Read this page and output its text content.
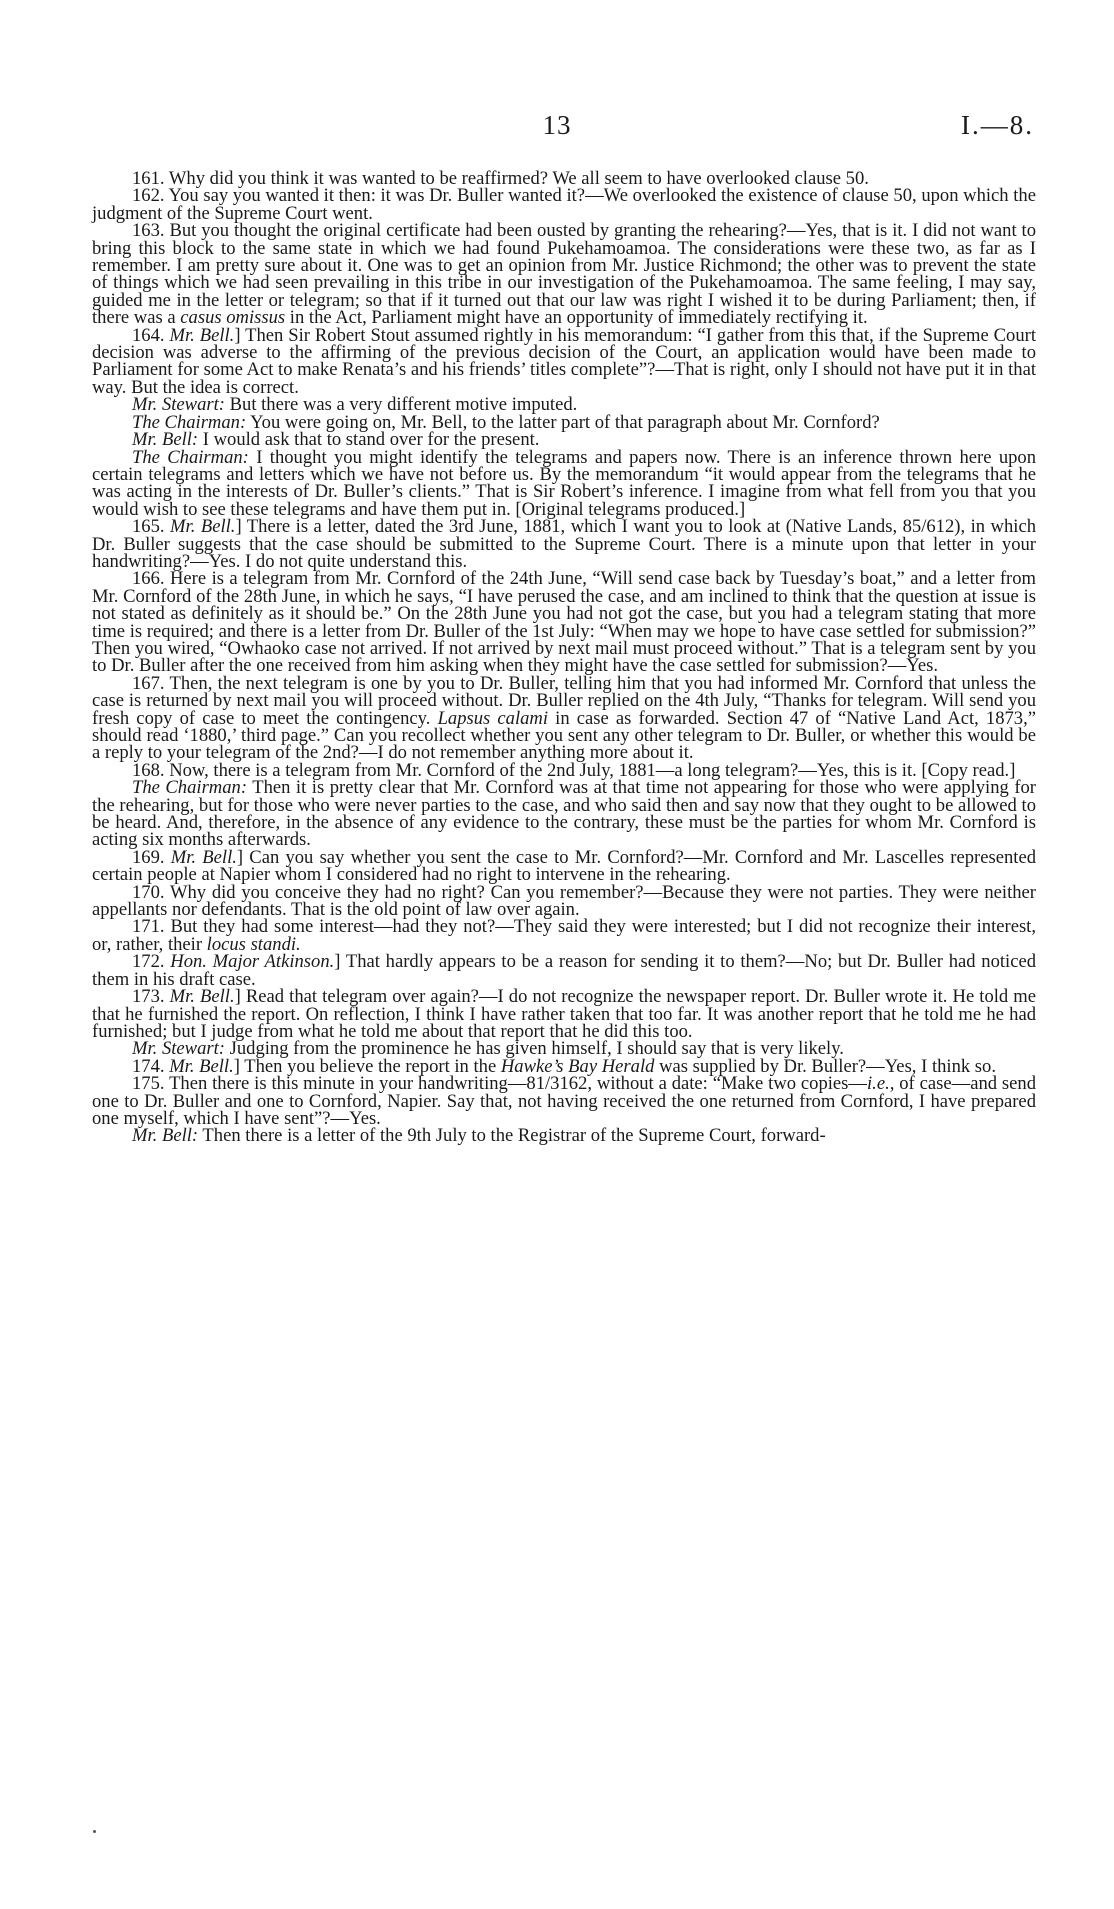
13	I.—8.

161. Why did you think it was wanted to be reaffirmed? We all seem to have overlooked clause 50.

162. You say you wanted it then: it was Dr. Buller wanted it?—We overlooked the existence of clause 50, upon which the judgment of the Supreme Court went.

163. But you thought the original certificate had been ousted by granting the rehearing?—Yes, that is it. I did not want to bring this block to the same state in which we had found Pukehamoamoa. The considerations were these two, as far as I remember. I am pretty sure about it. One was to get an opinion from Mr. Justice Richmond; the other was to prevent the state of things which we had seen prevailing in this tribe in our investigation of the Pukehamoamoa. The same feeling, I may say, guided me in the letter or telegram; so that if it turned out that our law was right I wished it to be during Parliament; then, if there was a casus omissus in the Act, Parliament might have an opportunity of immediately rectifying it.

164. Mr. Bell.] Then Sir Robert Stout assumed rightly in his memorandum: “I gather from this that, if the Supreme Court decision was adverse to the affirming of the previous decision of the Court, an application would have been made to Parliament for some Act to make Renata’s and his friends’ titles complete”?—That is right, only I should not have put it in that way. But the idea is correct.

Mr. Stewart: But there was a very different motive imputed.

The Chairman: You were going on, Mr. Bell, to the latter part of that paragraph about Mr. Cornford?

Mr. Bell: I would ask that to stand over for the present.

The Chairman: I thought you might identify the telegrams and papers now. There is an inference thrown here upon certain telegrams and letters which we have not before us. By the memorandum “it would appear from the telegrams that he was acting in the interests of Dr. Buller’s clients.” That is Sir Robert’s inference. I imagine from what fell from you that you would wish to see these telegrams and have them put in. [Original telegrams produced.]

165. Mr. Bell.] There is a letter, dated the 3rd June, 1881, which I want you to look at (Native Lands, 85/612), in which Dr. Buller suggests that the case should be submitted to the Supreme Court. There is a minute upon that letter in your handwriting?—Yes. I do not quite understand this.

166. Here is a telegram from Mr. Cornford of the 24th June, “Will send case back by Tuesday’s boat,” and a letter from Mr. Cornford of the 28th June, in which he says, “I have perused the case, and am inclined to think that the question at issue is not stated as definitely as it should be.” On the 28th June you had not got the case, but you had a telegram stating that more time is required; and there is a letter from Dr. Buller of the 1st July: “When may we hope to have case settled for submission?” Then you wired, “Owhaoko case not arrived. If not arrived by next mail must proceed without.” That is a telegram sent by you to Dr. Buller after the one received from him asking when they might have the case settled for submission?—Yes.

167. Then, the next telegram is one by you to Dr. Buller, telling him that you had informed Mr. Cornford that unless the case is returned by next mail you will proceed without. Dr. Buller replied on the 4th July, “Thanks for telegram. Will send you fresh copy of case to meet the contingency. Lapsus calami in case as forwarded. Section 47 of “Native Land Act, 1873,” should read ‘1880,’ third page.” Can you recollect whether you sent any other telegram to Dr. Buller, or whether this would be a reply to your telegram of the 2nd?—I do not remember anything more about it.

168. Now, there is a telegram from Mr. Cornford of the 2nd July, 1881—a long telegram?—Yes, this is it. [Copy read.]

The Chairman: Then it is pretty clear that Mr. Cornford was at that time not appearing for those who were applying for the rehearing, but for those who were never parties to the case, and who said then and say now that they ought to be allowed to be heard. And, therefore, in the absence of any evidence to the contrary, these must be the parties for whom Mr. Cornford is acting six months afterwards.

169. Mr. Bell.] Can you say whether you sent the case to Mr. Cornford?—Mr. Cornford and Mr. Lascelles represented certain people at Napier whom I considered had no right to intervene in the rehearing.

170. Why did you conceive they had no right? Can you remember?—Because they were not parties. They were neither appellants nor defendants. That is the old point of law over again.

171. But they had some interest—had they not?—They said they were interested; but I did not recognize their interest, or, rather, their locus standi.

172. Hon. Major Atkinson.] That hardly appears to be a reason for sending it to them?—No; but Dr. Buller had noticed them in his draft case.

173. Mr. Bell.] Read that telegram over again?—I do not recognize the newspaper report. Dr. Buller wrote it. He told me that he furnished the report. On reflection, I think I have rather taken that too far. It was another report that he told me he had furnished; but I judge from what he told me about that report that he did this too.

Mr. Stewart: Judging from the prominence he has given himself, I should say that is very likely.

174. Mr. Bell.] Then you believe the report in the Hawke’s Bay Herald was supplied by Dr. Buller?—Yes, I think so.

175. Then there is this minute in your handwriting—81/3162, without a date: “Make two copies—i.e., of case—and send one to Dr. Buller and one to Cornford, Napier. Say that, not having received the one returned from Cornford, I have prepared one myself, which I have sent”?—Yes.

Mr. Bell: Then there is a letter of the 9th July to the Registrar of the Supreme Court, forward-
